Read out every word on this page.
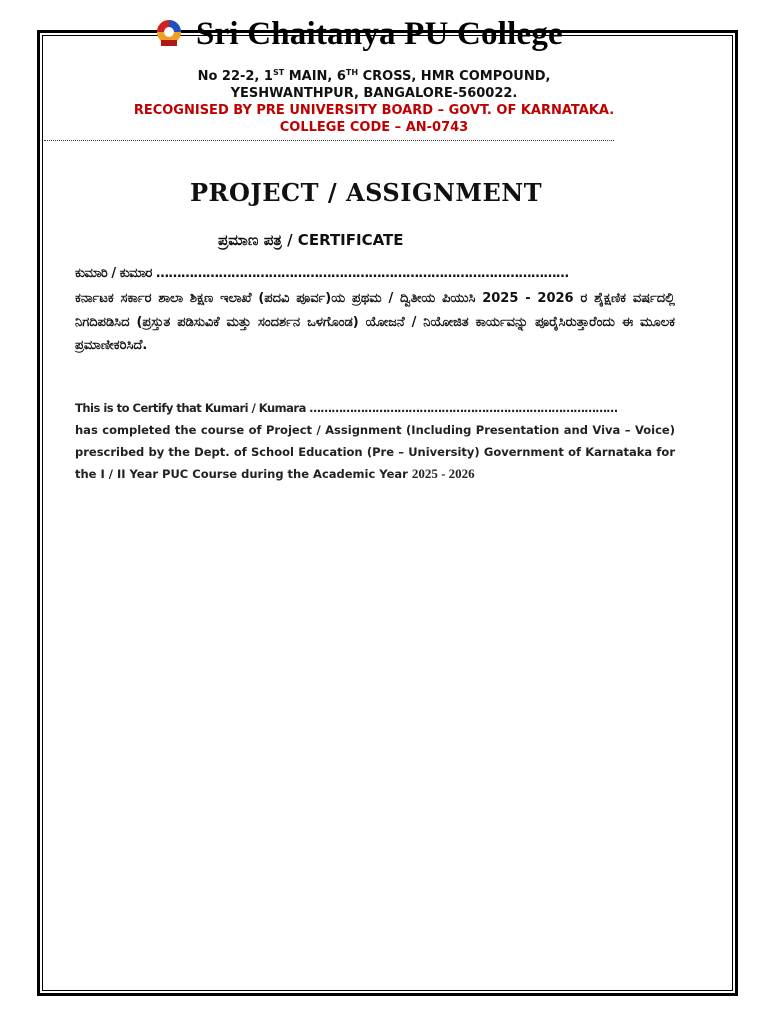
Sri Chaitanya PU College
No 22-2, 1ST MAIN, 6TH CROSS, HMR COMPOUND,
YESHWANTHPUR, BANGALORE-560022.
RECOGNISED BY PRE UNIVERSITY BOARD – GOVT. OF KARNATAKA.
COLLEGE CODE – AN-0743
PROJECT / ASSIGNMENT
ಪ್ರಮಾಣ ಪತ್ರ / CERTIFICATE
ಕುಮಾರಿ / ಕುಮಾರ ………………………………………………………………………………………
ಕರ್ನಾಟಕ ಸರ್ಕಾರ ಶಾಲಾ ಶಿಕ್ಷಣ ಇಲಾಖೆ (ಪದವಿ ಪೂರ್ವ)ಯ ಪ್ರಥಮ / ದ್ವಿತೀಯ ಪಿಯುಸಿ 2025 - 2026 ರ ಶೈಕ್ಷಣಿಕ ವರ್ಷದಲ್ಲಿ ನಿಗದಿಪಡಿಸಿದ (ಪ್ರಸ್ತುತ ಪಡಿಸುವಿಕೆ ಮತ್ತು ಸಂದರ್ಶನ ಒಳಗೊಂಡ) ಯೋಜನೆ / ನಿಯೋಜಿತ ಕಾರ್ಯವನ್ನು ಪೂರೈಸಿರುತ್ತಾರೆಂದು ಈ ಮೂಲಕ ಪ್ರಮಾಣೀಕರಿಸಿದೆ.
This is to Certify that Kumari / Kumara …………………………………………………………………………
has completed the course of Project / Assignment (Including Presentation and Viva – Voice) prescribed by the Dept. of School Education (Pre – University) Government of Karnataka for the I / II Year PUC Course during the Academic Year 2025 - 2026
